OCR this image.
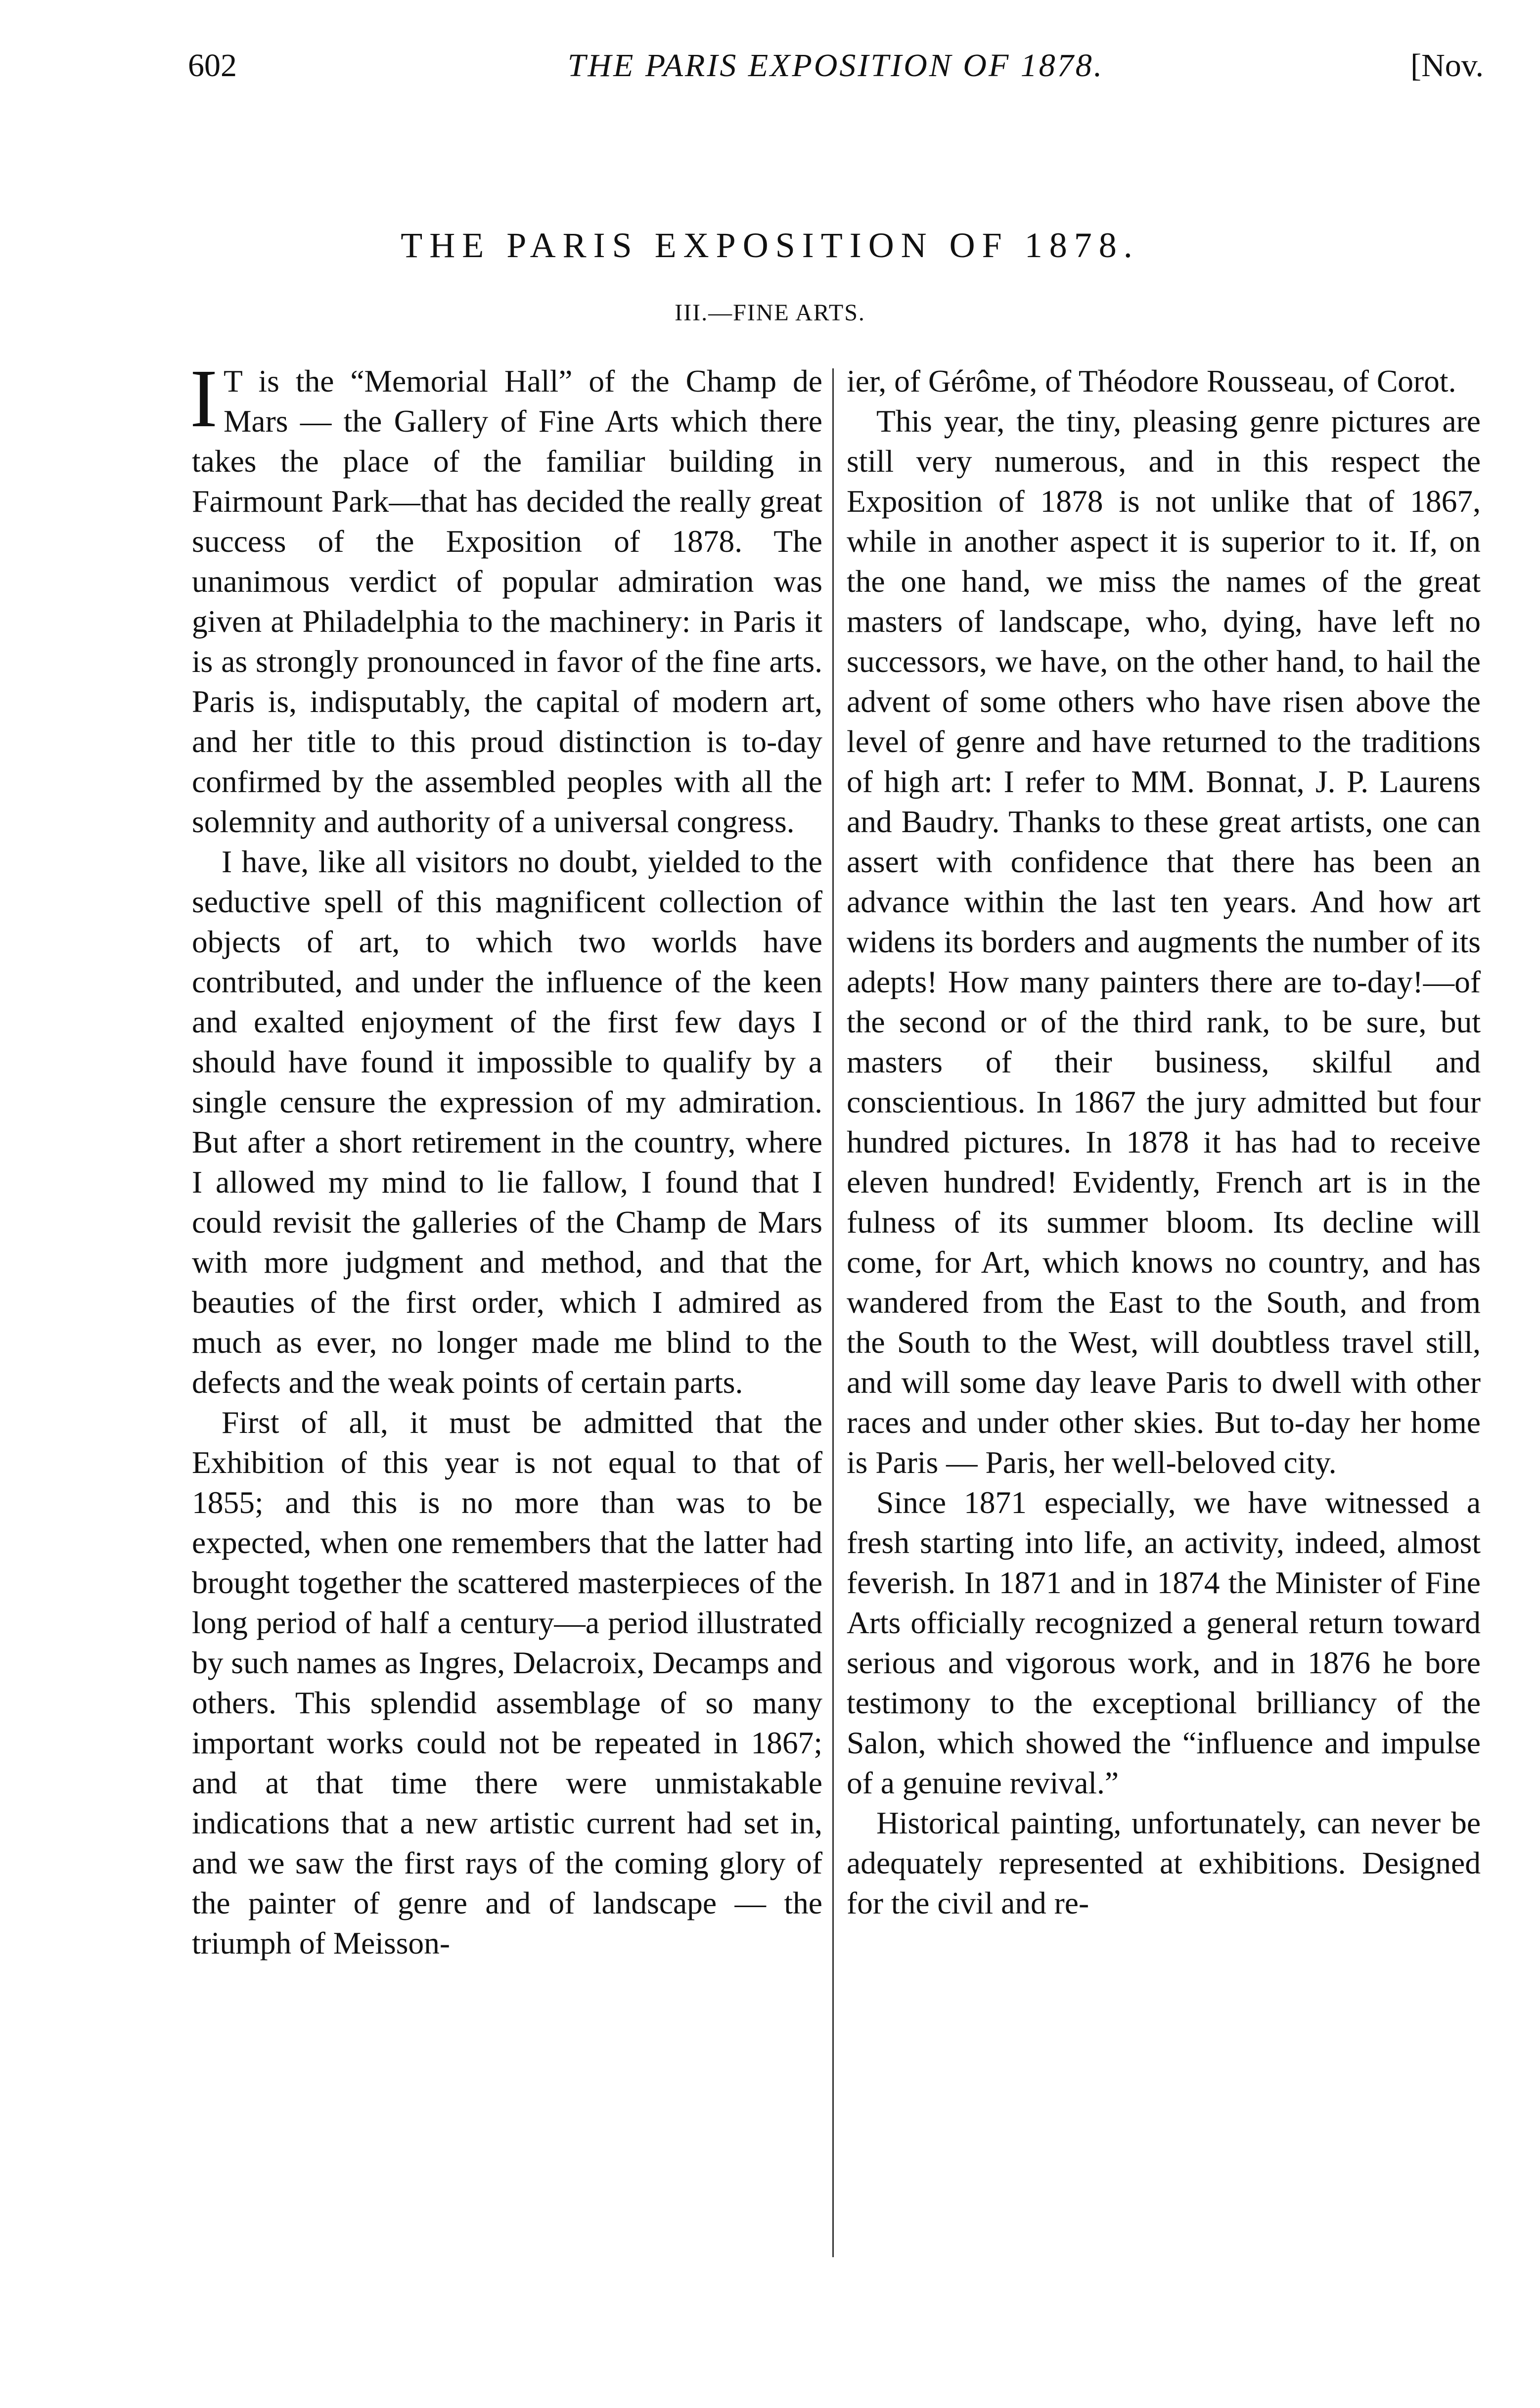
602	THE PARIS EXPOSITION OF 1878.	[Nov.
THE PARIS EXPOSITION OF 1878.
III.—FINE ARTS.

I T is the “Memorial Hall” of the Champ de Mars — the Gallery of Fine Arts which there takes the place of the familiar building in Fairmount Park—that has decided the really great success of the Exposition of 1878. The unanimous verdict of popular admiration was given at Philadelphia to the machinery: in Paris it is as strongly pronounced in favor of the fine arts. Paris is, indisputably, the capital of modern art, and her title to this proud distinction is to-day confirmed by the assembled peoples with all the solemnity and authority of a universal congress.

I have, like all visitors no doubt, yielded to the seductive spell of this magnificent collection of objects of art, to which two worlds have contributed, and under the influence of the keen and exalted enjoyment of the first few days I should have found it impossible to qualify by a single censure the expression of my admiration. But after a short retirement in the country, where I allowed my mind to lie fallow, I found that I could revisit the galleries of the Champ de Mars with more judgment and method, and that the beauties of the first order, which I admired as much as ever, no longer made me blind to the defects and the weak points of certain parts.

First of all, it must be admitted that the Exhibition of this year is not equal to that of 1855; and this is no more than was to be expected, when one remembers that the latter had brought together the scattered masterpieces of the long period of half a century—a period illustrated by such names as Ingres, Delacroix, Decamps and others. This splendid assemblage of so many important works could not be repeated in 1867; and at that time there were unmistakable indications that a new artistic current had set in, and we saw the first rays of the coming glory of the painter of genre and of landscape — the triumph of Meisson-

ier, of Gérôme, of Théodore Rousseau, of Corot.

This year, the tiny, pleasing genre pictures are still very numerous, and in this respect the Exposition of 1878 is not unlike that of 1867, while in another aspect it is superior to it. If, on the one hand, we miss the names of the great masters of landscape, who, dying, have left no successors, we have, on the other hand, to hail the advent of some others who have risen above the level of genre and have returned to the traditions of high art: I refer to MM. Bonnat, J. P. Laurens and Baudry. Thanks to these great artists, one can assert with confidence that there has been an advance within the last ten years. And how art widens its borders and augments the number of its adepts! How many painters there are to-day!—of the second or of the third rank, to be sure, but masters of their business, skilful and conscientious. In 1867 the jury admitted but four hundred pictures. In 1878 it has had to receive eleven hundred! Evidently, French art is in the fulness of its summer bloom. Its decline will come, for Art, which knows no country, and has wandered from the East to the South, and from the South to the West, will doubtless travel still, and will some day leave Paris to dwell with other races and under other skies. But to-day her home is Paris — Paris, her well-beloved city.

Since 1871 especially, we have witnessed a fresh starting into life, an activity, indeed, almost feverish. In 1871 and in 1874 the Minister of Fine Arts officially recognized a general return toward serious and vigorous work, and in 1876 he bore testimony to the exceptional brilliancy of the Salon, which showed the “influence and impulse of a genuine revival.”

Historical painting, unfortunately, can never be adequately represented at exhibitions. Designed for the civil and re-
